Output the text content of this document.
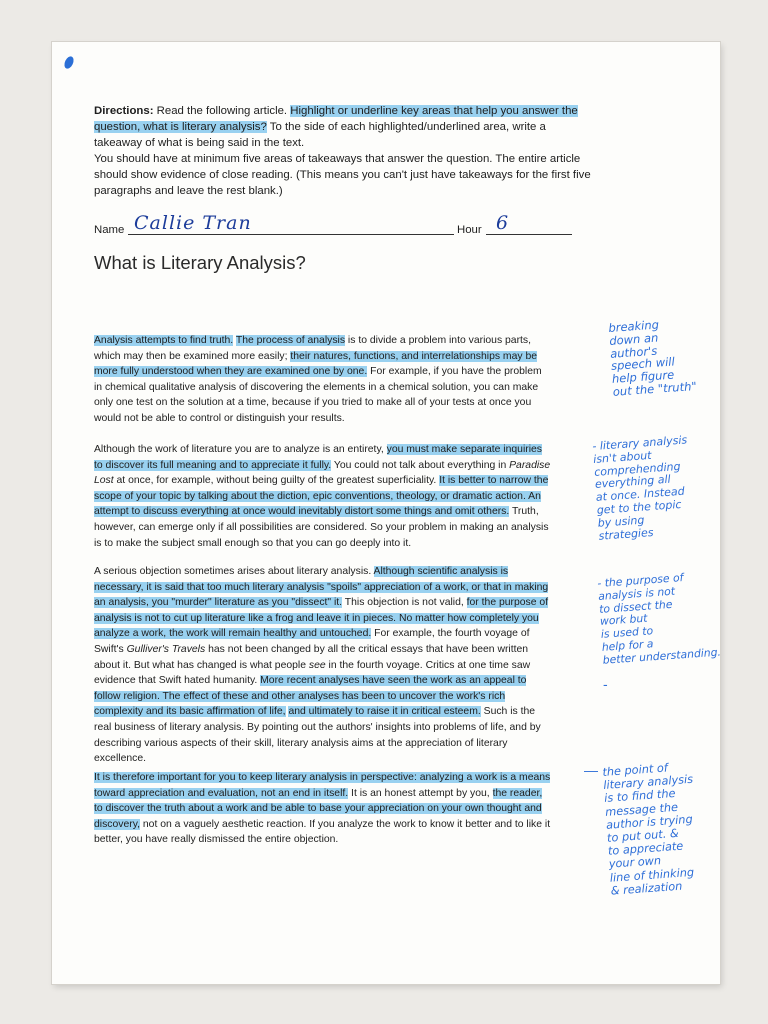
Directions: Read the following article. Highlight or underline key areas that help you answer the question, what is literary analysis? To the side of each highlighted/underlined area, write a takeaway of what is being said in the text.

You should have at minimum five areas of takeaways that answer the question. The entire article should show evidence of close reading. (This means you can't just have takeaways for the first five paragraphs and leave the rest blank.)

Name Callie Tran	Hour 6
What is Literary Analysis?

Analysis attempts to find truth. The process of analysis is to divide a problem into various parts, which may then be examined more easily; their natures, functions, and interrelationships may be more fully understood when they are examined one by one. For example, if you have the problem in chemical qualitative analysis of discovering the elements in a chemical solution, you can make only one test on the solution at a time, because if you tried to make all of your tests at once you would not be able to control or distinguish your results.

Although the work of literature you are to analyze is an entirety, you must make separate inquiries to discover its full meaning and to appreciate it fully. You could not talk about everything in Paradise Lost at once, for example, without being guilty of the greatest superficiality. It is better to narrow the scope of your topic by talking about the diction, epic conventions, theology, or dramatic action. An attempt to discuss everything at once would inevitably distort some things and omit others. Truth, however, can emerge only if all possibilities are considered. So your problem in making an analysis is to make the subject small enough so that you can go deeply into it.

A serious objection sometimes arises about literary analysis. Although scientific analysis is necessary, it is said that too much literary analysis "spoils" appreciation of a work, or that in making an analysis, you "murder" literature as you "dissect" it. This objection is not valid, for the purpose of analysis is not to cut up literature like a frog and leave it in pieces. No matter how completely you analyze a work, the work will remain healthy and untouched. For example, the fourth voyage of Swift's Gulliver's Travels has not been changed by all the critical essays that have been written about it. But what has changed is what people see in the fourth voyage. Critics at one time saw evidence that Swift hated humanity. More recent analyses have seen the work as an appeal to follow religion. The effect of these and other analyses has been to uncover the work's rich complexity and its basic affirmation of life, and ultimately to raise it in critical esteem. Such is the real business of literary analysis. By pointing out the authors' insights into problems of life, and by describing various aspects of their skill, literary analysis aims at the appreciation of literary excellence.

It is therefore important for you to keep literary analysis in perspective: analyzing a work is a means toward appreciation and evaluation, not an end in itself. It is an honest attempt by you, the reader, to discover the truth about a work and be able to base your appreciation on your own thought and discovery, not on a vaguely aesthetic reaction. If you analyze the work to know it better and to like it better, you have really dismissed the entire objection.

breaking
down an
author's
speech will
help figure
out the "truth"
- literary analysis
isn't about
comprehending
everything all
at once. Instead
get to the topic
by using
strategies
- the purpose of
analysis is not
to dissect the
work but
is used to
help for a
better understanding.
-
— the point of
literary analysis
is to find the
message the
author is trying
to put out. &
to appreciate
your own
line of thinking
& realization
